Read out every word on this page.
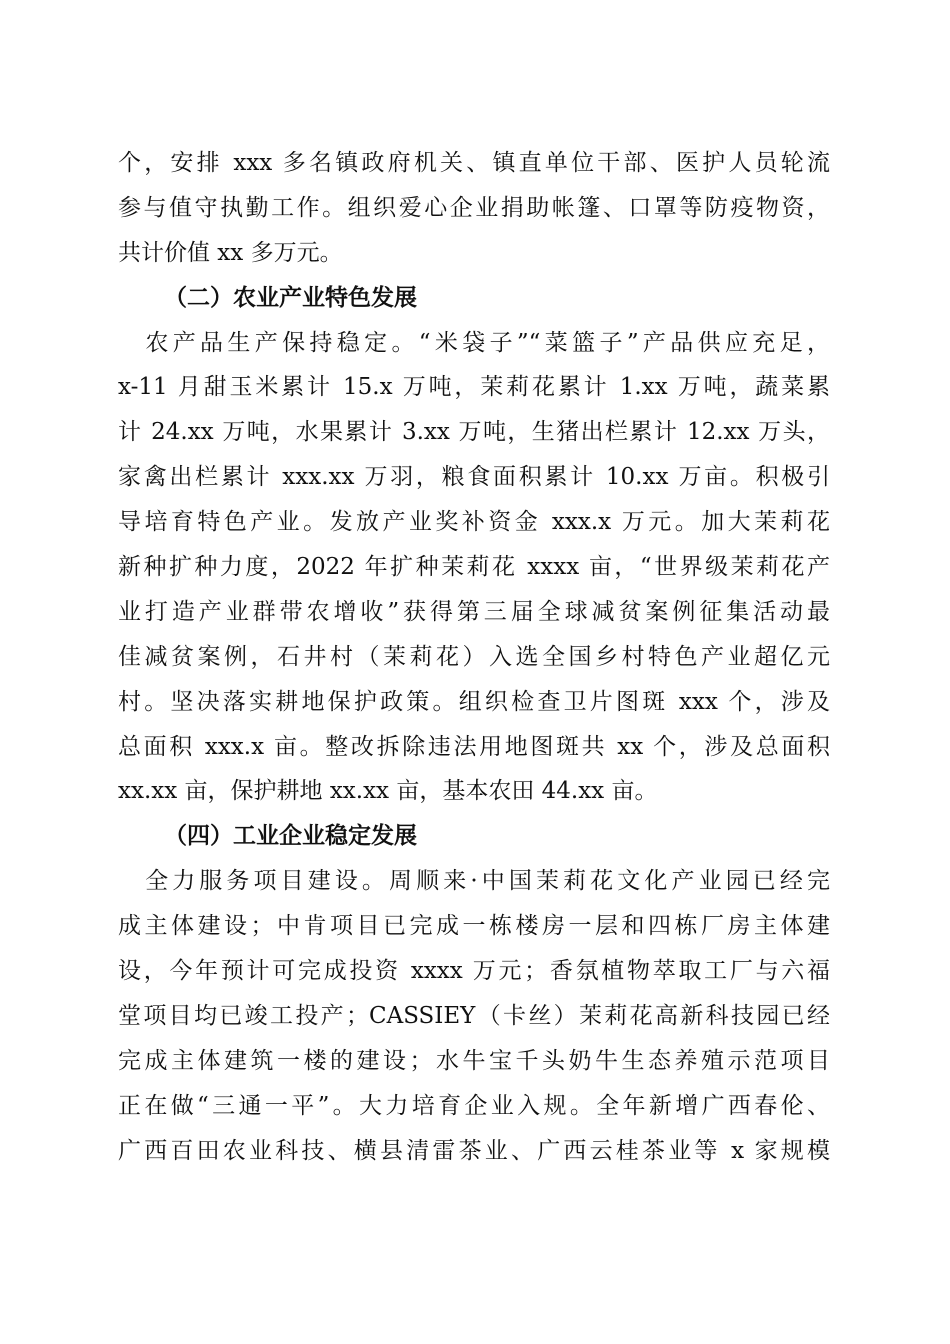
个，安排 xxx 多名镇政府机关、镇直单位干部、医护人员轮流
参与值守执勤工作。组织爱心企业捐助帐篷、口罩等防疫物资，
共计价值 xx 多万元。
（二）农业产业特色发展
　农产品生产保持稳定。“米袋子”“菜篮子”产品供应充足，
x-11 月甜玉米累计 15.x 万吨，茉莉花累计 1.xx 万吨，蔬菜累
计 24.xx 万吨，水果累计 3.xx 万吨，生猪出栏累计 12.xx 万头，
家禽出栏累计 xxx.xx 万羽，粮食面积累计 10.xx 万亩。积极引
导培育特色产业。发放产业奖补资金 xxx.x 万元。加大茉莉花
新种扩种力度，2022 年扩种茉莉花 xxxx 亩，“世界级茉莉花产
业打造产业群带农增收”获得第三届全球减贫案例征集活动最
佳减贫案例，石井村（茉莉花）入选全国乡村特色产业超亿元
村。坚决落实耕地保护政策。组织检查卫片图斑 xxx 个，涉及
总面积 xxx.x 亩。整改拆除违法用地图斑共 xx 个，涉及总面积
xx.xx 亩，保护耕地 xx.xx 亩，基本农田 44.xx 亩。
（四）工业企业稳定发展
　全力服务项目建设。周顺来·中国茉莉花文化产业园已经完
成主体建设；中肯项目已完成一栋楼房一层和四栋厂房主体建
设，今年预计可完成投资 xxxx 万元；香氛植物萃取工厂与六福
堂项目均已竣工投产；CASSIEY（卡丝）茉莉花高新科技园已经
完成主体建筑一楼的建设；水牛宝千头奶牛生态养殖示范项目
正在做“三通一平”。大力培育企业入规。全年新增广西春伦、
广西百田农业科技、横县清雷茶业、广西云桂茶业等 x 家规模
